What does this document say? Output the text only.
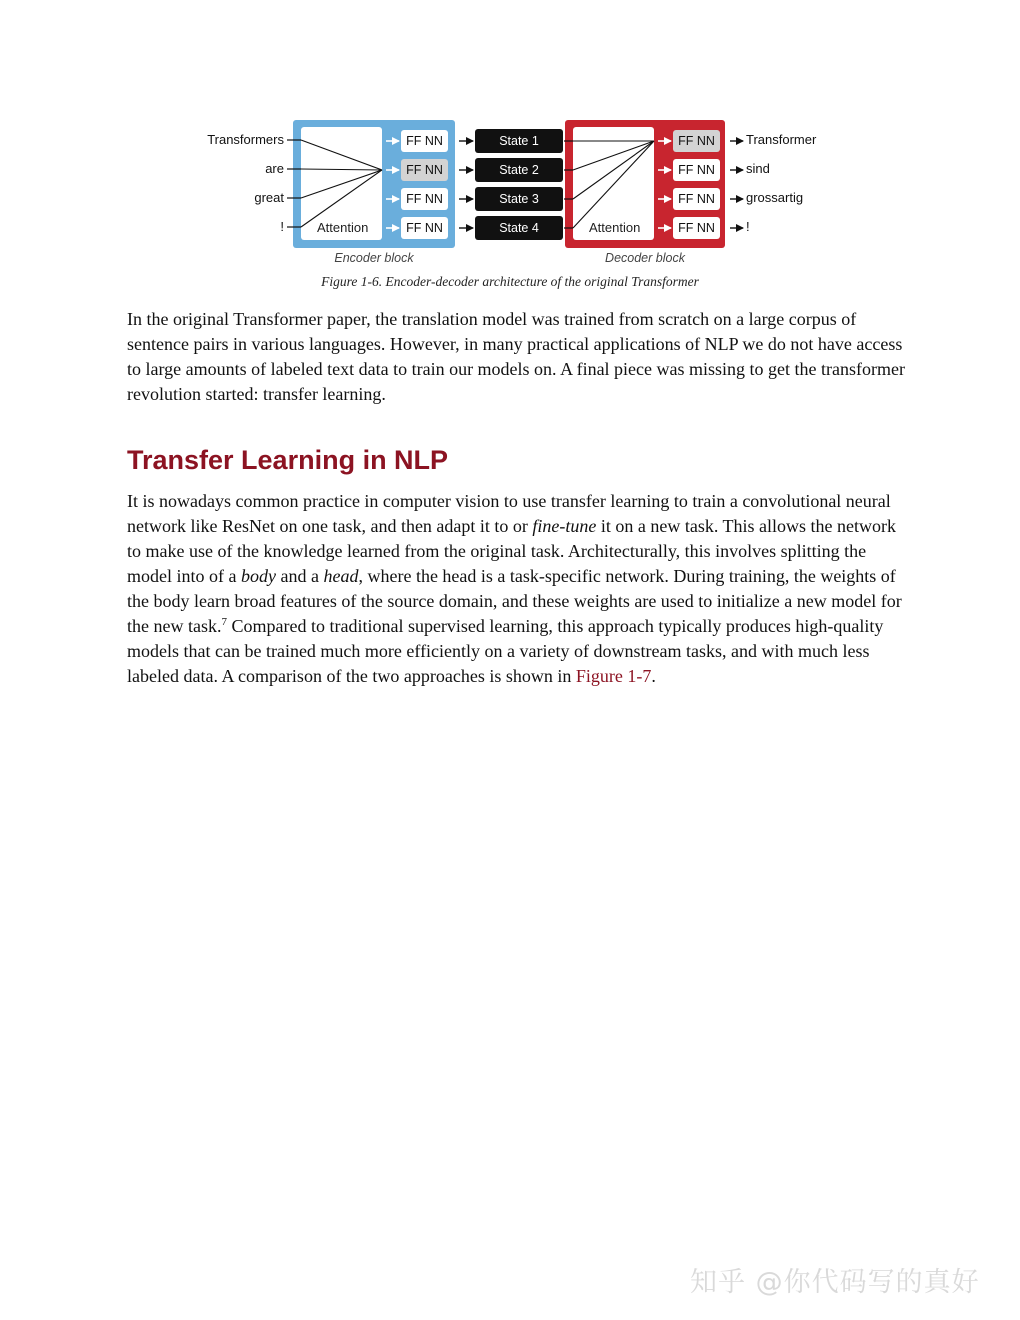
Transformers
are
great
!	Attention
FF NN
FF NN
FF NN
FF NN
State 1
State 2
State 3
State 4	Attention
FF NN
FF NN
FF NN
FF NN
Transformer
sind
grossartig
!
Encoder block	Decoder block
Figure 1-6. Encoder-decoder architecture of the original Transformer

In the original Transformer paper, the translation model was trained from scratch on a large corpus of sentence pairs in various languages. However, in many practical applications of NLP we do not have access to large amounts of labeled text data to train our models on. A final piece was missing to get the transformer revolution started: transfer learning.

Transfer Learning in NLP

It is nowadays common practice in computer vision to use transfer learning to train a convolutional neural network like ResNet on one task, and then adapt it to or fine-tune it on a new task. This allows the network to make use of the knowledge learned from the original task. Architecturally, this involves splitting the model into of a body and a head, where the head is a task-specific network. During training, the weights of the body learn broad features of the source domain, and these weights are used to initialize a new model for the new task.$^7$ Compared to traditional supervised learning, this approach typically produces high-quality models that can be trained much more efficiently on a variety of downstream tasks, and with much less labeled data. A comparison of the two approaches is shown in Figure 1-7.

知乎 @你代码写的真好
